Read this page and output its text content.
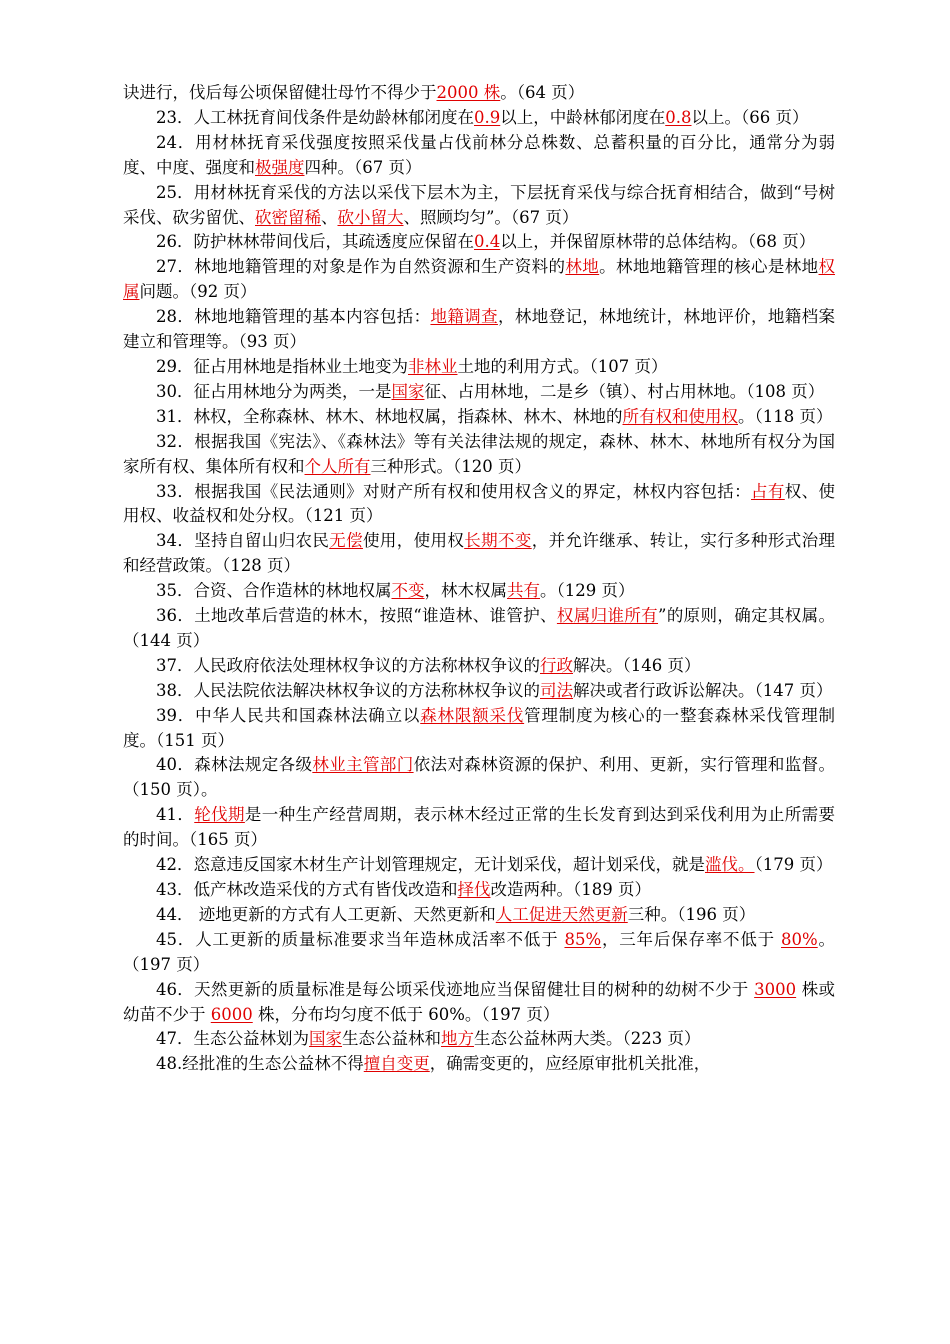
诀进行，伐后每公顷保留健壮母竹不得少于2000 株。（64 页）

23．人工林抚育间伐条件是幼龄林郁闭度在0.9以上，中龄林郁闭度在0.8以上。（66 页）

24．用材林抚育采伐强度按照采伐量占伐前林分总株数、总蓄积量的百分比，通常分为弱度、中度、强度和极强度四种。（67 页）

25．用材林抚育采伐的方法以采伐下层木为主，下层抚育采伐与综合抚育相结合，做到“号树采伐、砍劣留优、砍密留稀、砍小留大、照顾均匀”。（67 页）

26．防护林林带间伐后，其疏透度应保留在0.4以上，并保留原林带的总体结构。（68 页）

27．林地地籍管理的对象是作为自然资源和生产资料的林地。林地地籍管理的核心是林地权属问题。（92 页）

28．林地地籍管理的基本内容包括：地籍调查，林地登记，林地统计，林地评价，地籍档案建立和管理等。（93 页）

29．征占用林地是指林业土地变为非林业土地的利用方式。（107 页）

30．征占用林地分为两类，一是国家征、占用林地，二是乡（镇）、村占用林地。（108 页）

31．林权，全称森林、林木、林地权属，指森林、林木、林地的所有权和使用权。（118 页）

32．根据我国《宪法》、《森林法》等有关法律法规的规定，森林、林木、林地所有权分为国家所有权、集体所有权和个人所有三种形式。（120 页）

33．根据我国《民法通则》对财产所有权和使用权含义的界定，林权内容包括：占有权、使用权、收益权和处分权。（121 页）

34．坚持自留山归农民无偿使用，使用权长期不变，并允许继承、转让，实行多种形式治理和经营政策。（128 页）

35．合资、合作造林的林地权属不变，林木权属共有。（129 页）

36．土地改革后营造的林木，按照“谁造林、谁管护、权属归谁所有”的原则，确定其权属。（144 页）

37．人民政府依法处理林权争议的方法称林权争议的行政解决。（146 页）

38．人民法院依法解决林权争议的方法称林权争议的司法解决或者行政诉讼解决。（147 页）

39．中华人民共和国森林法确立以森林限额采伐管理制度为核心的一整套森林采伐管理制度。（151 页）

40．森林法规定各级林业主管部门依法对森林资源的保护、利用、更新，实行管理和监督。（150 页）。

41．轮伐期是一种生产经营周期，表示林木经过正常的生长发育到达到采伐利用为止所需要的时间。（165 页）

42．恣意违反国家木材生产计划管理规定，无计划采伐，超计划采伐，就是滥伐。（179 页）

43．低产林改造采伐的方式有皆伐改造和择伐改造两种。（189 页）

44． 迹地更新的方式有人工更新、天然更新和人工促进天然更新三种。（196 页）

45．人工更新的质量标准要求当年造林成活率不低于 85%，三年后保存率不低于 80%。（197 页）

46．天然更新的质量标准是每公顷采伐迹地应当保留健壮目的树种的幼树不少于 3000 株或幼苗不少于 6000 株，分布均匀度不低于 60%。（197 页）

47．生态公益林划为国家生态公益林和地方生态公益林两大类。（223 页）

48.经批准的生态公益林不得擅自变更，确需变更的，应经原审批机关批准，
